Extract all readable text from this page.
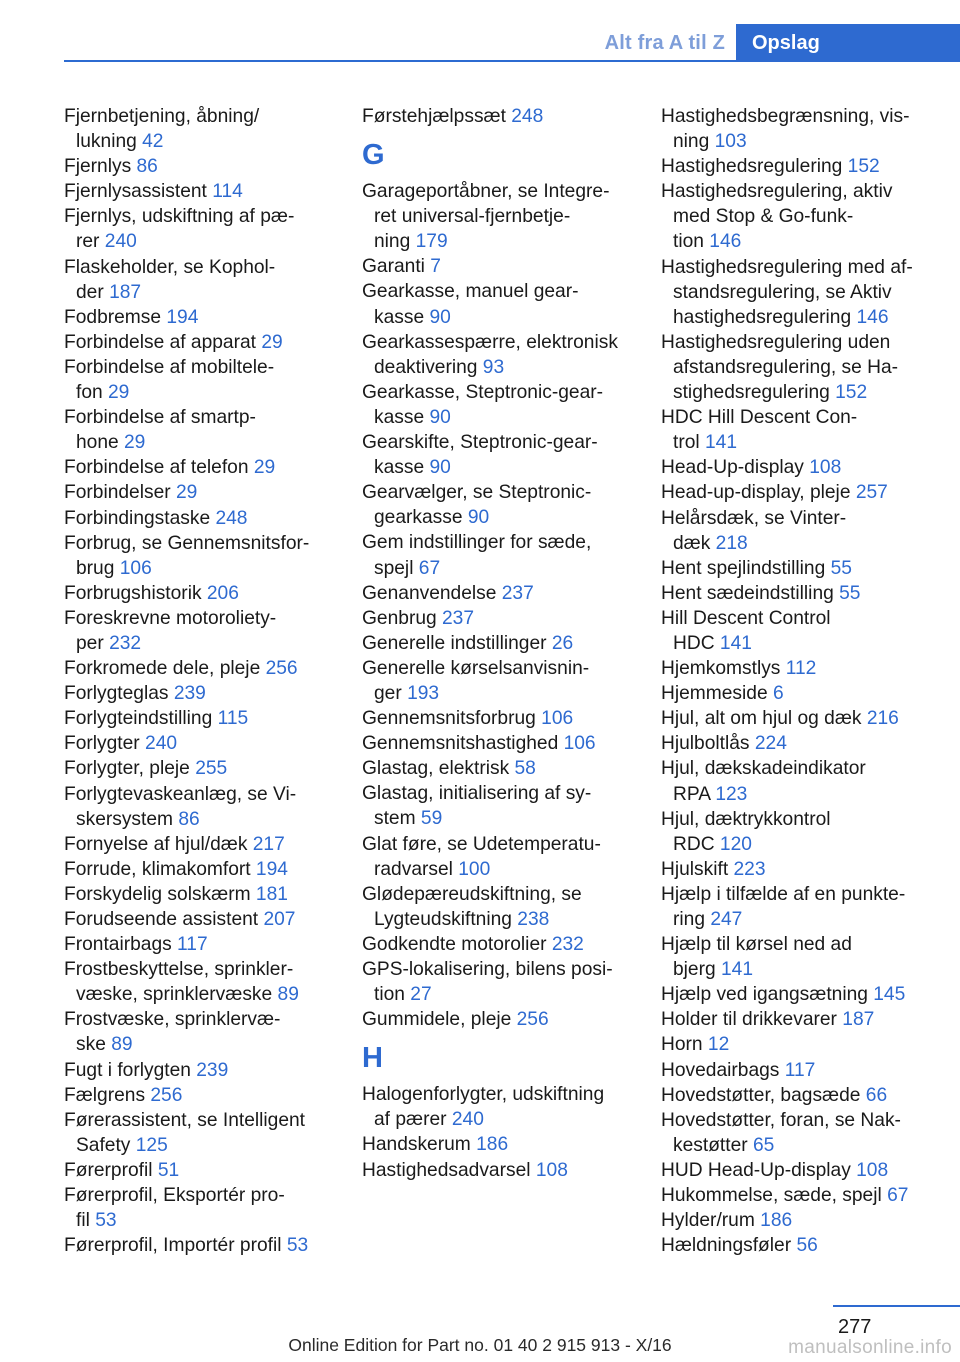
Alt fra A til Z	Opslag
Fjernbetjening, åbning/
lukning 42
Fjernlys 86
Fjernlysassistent 114
Fjernlys, udskiftning af pæ-
rer 240
Flaskeholder, se Kophol-
der 187
Fodbremse 194
Forbindelse af apparat 29
Forbindelse af mobiltele-
fon 29
Forbindelse af smartp-
hone 29
Forbindelse af telefon 29
Forbindelser 29
Forbindingstaske 248
Forbrug, se Gennemsnitsfor-
brug 106
Forbrugshistorik 206
Foreskrevne motoroliety-
per 232
Forkromede dele, pleje 256
Forlygteglas 239
Forlygteindstilling 115
Forlygter 240
Forlygter, pleje 255
Forlygtevaskeanlæg, se Vi-
skersystem 86
Fornyelse af hjul/dæk 217
Forrude, klimakomfort 194
Forskydelig solskærm 181
Forudseende assistent 207
Frontairbags 117
Frostbeskyttelse, sprinkler-
væske, sprinklervæske 89
Frostvæske, sprinklervæ-
ske 89
Fugt i forlygten 239
Fælgrens 256
Førerassistent, se Intelligent
Safety 125
Førerprofil 51
Førerprofil, Eksportér pro-
fil 53
Førerprofil, Importér profil 53
Førstehjælpssæt 248
G
Garageportåbner, se Integre-
ret universal-fjernbetje-
ning 179
Garanti 7
Gearkasse, manuel gear-
kasse 90
Gearkassespærre, elektronisk
deaktivering 93
Gearkasse, Steptronic-gear-
kasse 90
Gearskifte, Steptronic-gear-
kasse 90
Gearvælger, se Steptronic-
gearkasse 90
Gem indstillinger for sæde,
spejl 67
Genanvendelse 237
Genbrug 237
Generelle indstillinger 26
Generelle kørselsanvisnin-
ger 193
Gennemsnitsforbrug 106
Gennemsnitshastighed 106
Glastag, elektrisk 58
Glastag, initialisering af sy-
stem 59
Glat føre, se Udetemperatu-
radvarsel 100
Glødepæreudskiftning, se
Lygteudskiftning 238
Godkendte motorolier 232
GPS-lokalisering, bilens posi-
tion 27
Gummidele, pleje 256
H
Halogenforlygter, udskiftning
af pærer 240
Handskerum 186
Hastighedsadvarsel 108
Hastighedsbegrænsning, vis-
ning 103
Hastighedsregulering 152
Hastighedsregulering, aktiv
med Stop & Go-funk-
tion 146
Hastighedsregulering med af-
standsregulering, se Aktiv
hastighedsregulering 146
Hastighedsregulering uden
afstandsregulering, se Ha-
stighedsregulering 152
HDC Hill Descent Con-
trol 141
Head-Up-display 108
Head-up-display, pleje 257
Helårsdæk, se Vinter-
dæk 218
Hent spejlindstilling 55
Hent sædeindstilling 55
Hill Descent Control
HDC 141
Hjemkomstlys 112
Hjemmeside 6
Hjul, alt om hjul og dæk 216
Hjulboltlås 224
Hjul, dækskadeindikator
RPA 123
Hjul, dæktrykkontrol
RDC 120
Hjulskift 223
Hjælp i tilfælde af en punkte-
ring 247
Hjælp til kørsel ned ad
bjerg 141
Hjælp ved igangsætning 145
Holder til drikkevarer 187
Horn 12
Hovedairbags 117
Hovedstøtter, bagsæde 66
Hovedstøtter, foran, se Nak-
kestøtter 65
HUD Head-Up-display 108
Hukommelse, sæde, spejl 67
Hylder/rum 186
Hældningsføler 56
277
Online Edition for Part no. 01 40 2 915 913 - X/16	manualsonline.info
